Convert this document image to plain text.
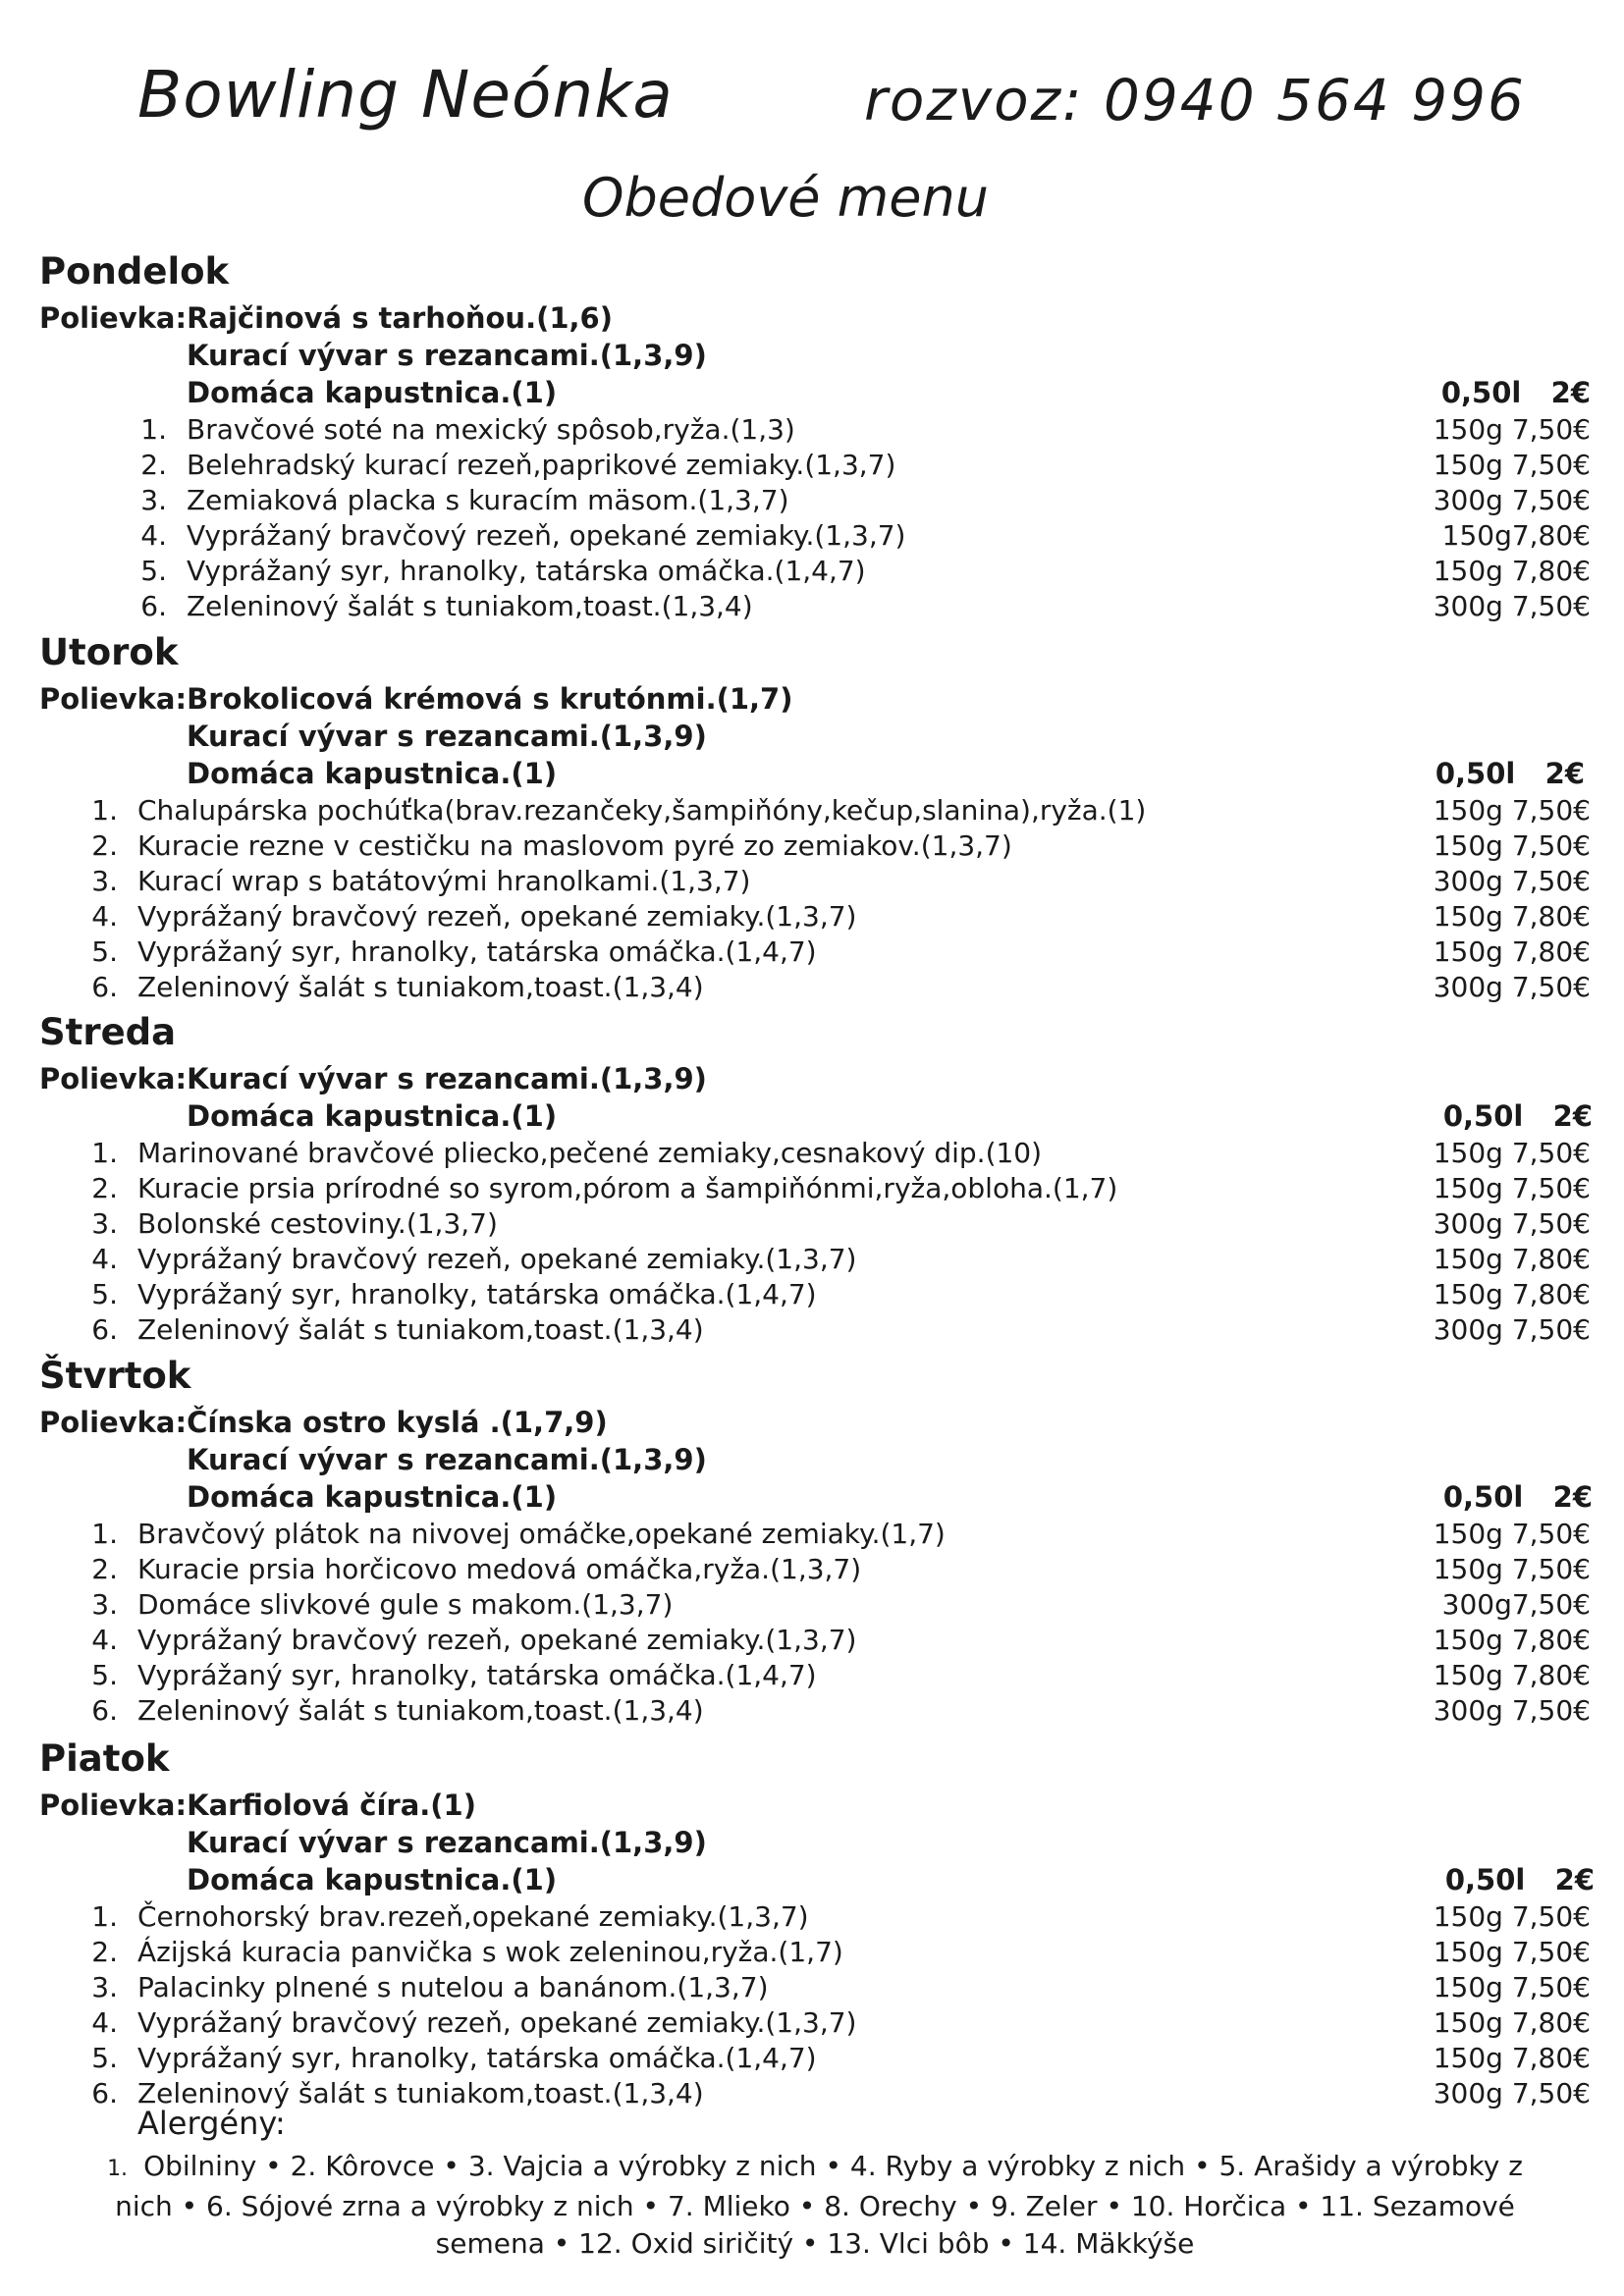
Bowling Neónka	rozvoz: 0940 564 996
Obedové menu
Pondelok
Polievka:Rajčinová s tarhoňou.(1,6)
Kurací vývar s rezancami.(1,3,9)
Domáca kapustnica.(1)	0,50l   2€
1. Bravčové soté na mexický spôsob,ryža.(1,3)	150g 7,50€
2. Belehradský kurací rezeň,paprikové zemiaky.(1,3,7)	150g 7,50€
3. Zemiaková placka s kuracím mäsom.(1,3,7)	300g 7,50€
4. Vyprážaný bravčový rezeň, opekané zemiaky.(1,3,7)	150g7,80€
5. Vyprážaný syr, hranolky, tatárska omáčka.(1,4,7)	150g 7,80€
6. Zeleninový šalát s tuniakom,toast.(1,3,4)	300g 7,50€
Utorok
Polievka:Brokolicová krémová s krutónmi.(1,7)
Kurací vývar s rezancami.(1,3,9)
Domáca kapustnica.(1)	0,50l   2€
1. Chalupárska pochúťka(brav.rezančeky,šampiňóny,kečup,slanina),ryža.(1)	150g 7,50€
2. Kuracie rezne v cestičku na maslovom pyré zo zemiakov.(1,3,7)	150g 7,50€
3. Kurací wrap s batátovými hranolkami.(1,3,7)	300g 7,50€
4. Vyprážaný bravčový rezeň, opekané zemiaky.(1,3,7)	150g 7,80€
5. Vyprážaný syr, hranolky, tatárska omáčka.(1,4,7)	150g 7,80€
6. Zeleninový šalát s tuniakom,toast.(1,3,4)	300g 7,50€
Streda
Polievka:Kurací vývar s rezancami.(1,3,9)
Domáca kapustnica.(1)	0,50l   2€
1. Marinované bravčové pliecko,pečené zemiaky,cesnakový dip.(10)	150g 7,50€
2. Kuracie prsia prírodné so syrom,pórom a šampiňónmi,ryža,obloha.(1,7)	150g 7,50€
3. Bolonské cestoviny.(1,3,7)	300g 7,50€
4. Vyprážaný bravčový rezeň, opekané zemiaky.(1,3,7)	150g 7,80€
5. Vyprážaný syr, hranolky, tatárska omáčka.(1,4,7)	150g 7,80€
6. Zeleninový šalát s tuniakom,toast.(1,3,4)	300g 7,50€
Štvrtok
Polievka:Čínska ostro kyslá .(1,7,9)
Kurací vývar s rezancami.(1,3,9)
Domáca kapustnica.(1)	0,50l   2€
1. Bravčový plátok na nivovej omáčke,opekané zemiaky.(1,7)	150g 7,50€
2. Kuracie prsia horčicovo medová omáčka,ryža.(1,3,7)	150g 7,50€
3. Domáce slivkové gule s makom.(1,3,7)	300g7,50€
4. Vyprážaný bravčový rezeň, opekané zemiaky.(1,3,7)	150g 7,80€
5. Vyprážaný syr, hranolky, tatárska omáčka.(1,4,7)	150g 7,80€
6. Zeleninový šalát s tuniakom,toast.(1,3,4)	300g 7,50€
Piatok
Polievka:Karfiolová číra.(1)
Kurací vývar s rezancami.(1,3,9)
Domáca kapustnica.(1)	0,50l   2€
1. Černohorský brav.rezeň,opekané zemiaky.(1,3,7)	150g 7,50€
2. Ázijská kuracia panvička s wok zeleninou,ryža.(1,7)	150g 7,50€
3. Palacinky plnené s nutelou a banánom.(1,3,7)	150g 7,50€
4. Vyprážaný bravčový rezeň, opekané zemiaky.(1,3,7)	150g 7,80€
5. Vyprážaný syr, hranolky, tatárska omáčka.(1,4,7)	150g 7,80€
6. Zeleninový šalát s tuniakom,toast.(1,3,4)	300g 7,50€
Alergény:
1. Obilniny • 2. Kôrovce • 3. Vajcia a výrobky z nich • 4. Ryby a výrobky z nich • 5. Arašidy a výrobky z nich • 6. Sójové zrna a výrobky z nich • 7. Mlieko • 8. Orechy • 9. Zeler • 10. Horčica • 11. Sezamové semena • 12. Oxid siričitý • 13. Vlci bôb • 14. Mäkkýše
